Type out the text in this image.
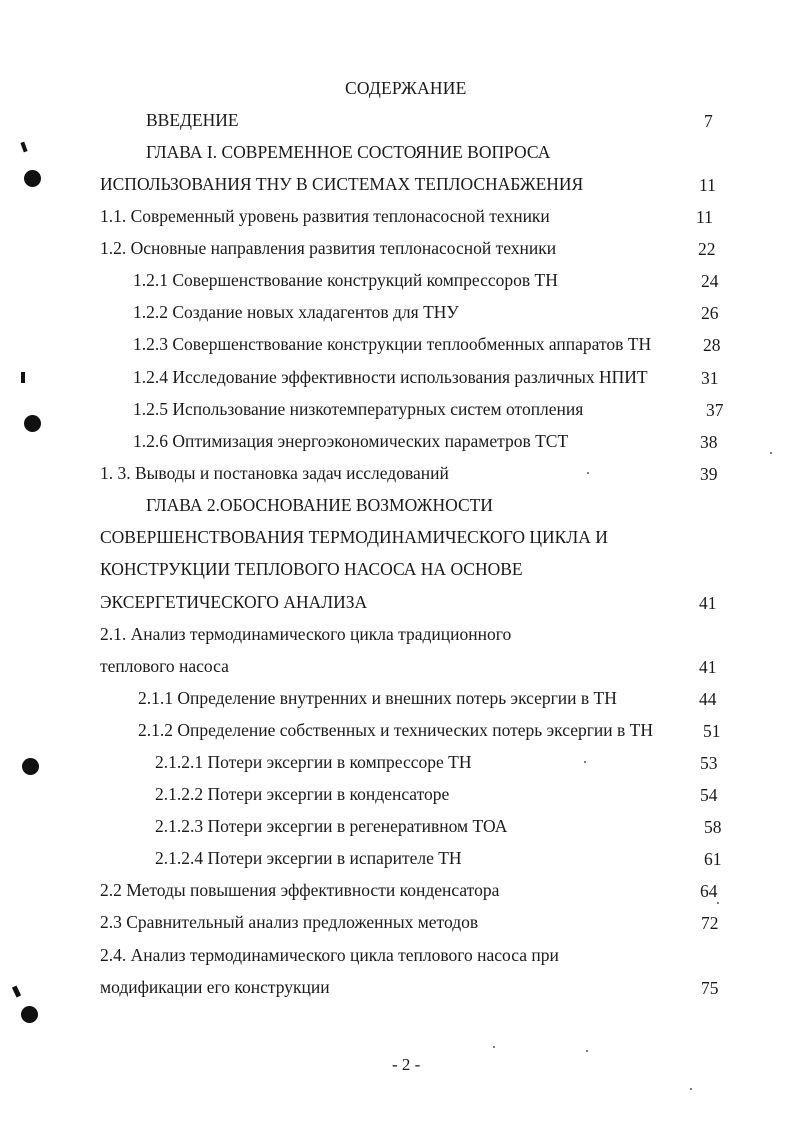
СОДЕРЖАНИЕ
ВВЕДЕНИЕ	7
ГЛАВА I. СОВРЕМЕННОЕ СОСТОЯНИЕ ВОПРОСА
ИСПОЛЬЗОВАНИЯ ТНУ В СИСТЕМАХ ТЕПЛОСНАБЖЕНИЯ	11
1.1. Современный уровень развития теплонасосной техники	11
1.2. Основные направления развития теплонасосной техники	22
1.2.1 Совершенствование конструкций компрессоров ТН	24
1.2.2 Создание новых хладагентов для ТНУ	26
1.2.3 Совершенствование конструкции теплообменных аппаратов ТН	28
1.2.4 Исследование эффективности использования различных НПИТ	31
1.2.5 Использование низкотемпературных систем отопления	37
1.2.6 Оптимизация энергоэкономических параметров ТСТ	38
1. 3. Выводы и постановка задач исследований	39
ГЛАВА 2.ОБОСНОВАНИЕ ВОЗМОЖНОСТИ
СОВЕРШЕНСТВОВАНИЯ ТЕРМОДИНАМИЧЕСКОГО ЦИКЛА И
КОНСТРУКЦИИ ТЕПЛОВОГО НАСОСА НА ОСНОВЕ
ЭКСЕРГЕТИЧЕСКОГО АНАЛИЗА	41
2.1. Анализ термодинамического цикла традиционного
теплового насоса	41
2.1.1 Определение внутренних и внешних потерь эксергии в ТН	44
2.1.2 Определение собственных и технических потерь эксергии в ТН	51
2.1.2.1 Потери эксергии в компрессоре ТН	53
2.1.2.2 Потери эксергии в конденсаторе	54
2.1.2.3 Потери эксергии в регенеративном ТОА	58
2.1.2.4 Потери эксергии в испарителе ТН	61
2.2 Методы повышения эффективности конденсатора	64
2.3 Сравнительный анализ предложенных методов	72
2.4. Анализ термодинамического цикла теплового насоса при
модификации его конструкции	75
- 2 -
